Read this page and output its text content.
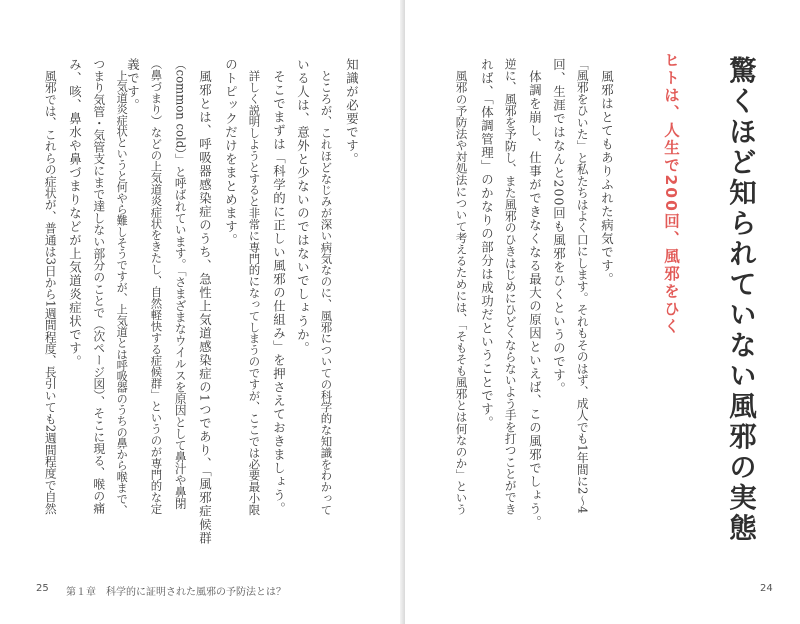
知識が必要です。
ところが、これほどなじみが深い病気なのに、風邪についての科学的な知識をわかって
いる人は、意外と少ないのではないでしょうか。
そこでまずは「科学的に正しい風邪の仕組み」を押さえておきましょう。
詳しく説明しようとすると非常に専門的になってしまうのですが、ここでは必要最小限
のトピックだけをまとめます。
風邪とは、呼吸器感染症のうち、急性上気道感染症の1つであり、「風邪症候群
（common cold）」と呼ばれています。「さまざまなウイルスを原因として鼻汁や鼻閉
（鼻づまり）などの上気道炎症状をきたし、自然軽快する症候群」というのが専門的な定
義です。
上気道炎症状というと何やら難しそうですが、上気道とは呼吸器のうちの鼻から喉まで、
つまり気管・気管支にまで達しない部分のことで（次ページ図）、そこに現る、喉の痛
み、咳、鼻水や鼻づまりなどが上気道炎症状です。
風邪では、これらの症状が、普通は3日から1週間程度、長引いても2週間程度で自然
25 第１章　科学的に証明された風邪の予防法とは？	24
驚くほど知られていない風邪の実態
ヒトは、人生で200回、風邪をひく
風邪はとてもありふれた病気です。
「風邪をひいた」と私たちはよく口にします。それもそのはず、成人でも1年間に2～4
回、生涯ではなんと200回も風邪をひくというのです。
体調を崩し、仕事ができなくなる最大の原因といえば、この風邪でしょう。
逆に、風邪を予防し、また風邪のひきはじめにひどくならないよう手を打つことができ
れば、「体調管理」のかなりの部分は成功だということです。
風邪の予防法や対処法について考えるためには、「そもそも風邪とは何なのか」という
